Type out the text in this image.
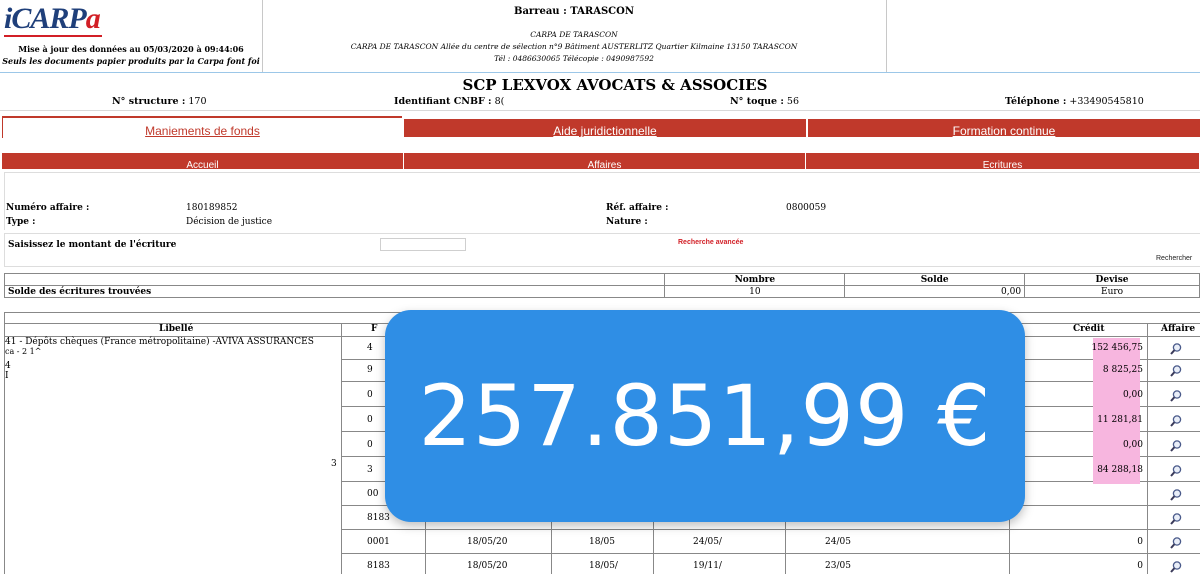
iCARPa
Mise à jour des données au 05/03/2020 à 09:44:06
Seuls les documents papier produits par la Carpa font foi
Barreau : TARASCON
CARPA DE TARASCON
CARPA DE TARASCON Allée du centre de sélection n°9 Bâtiment AUSTERLITZ Quartier Kilmaine 13150 TARASCON
Tél : 0486630065 Télécopie : 0490987592
SCP LEXVOX AVOCATS & ASSOCIES
N° structure : 170	Identifiant CNBF : 8(	N° toque : 56	Téléphone : +33490545810
Maniements de fonds	Aide juridictionnelle	Formation continue
Accueil	Affaires	Ecritures
Numéro affaire :	180189852
Type :	Décision de justice
Réf. affaire :	0800059
Nature :
Saisissez le montant de l'écriture	Recherche avancée
Rechercher
	Nombre	Solde	Devise
Solde des écritures trouvées	10	0,00	Euro
Libellé	F	Crédit	Affaire
41 - Dépôts chèques (France métropolitaine) -AVIVA ASSURANCES
ca - 2 1^
4
I
3
4	152 456,75
9	8 825,25
0	0,00
0	11 281,81
0	0,00
3	84 288,18
00
8183
0001	18/05/20	18/05	24/05/	24/05	0
8183	18/05/20	18/05/	19/11/	23/05	0
257.851,99 €
